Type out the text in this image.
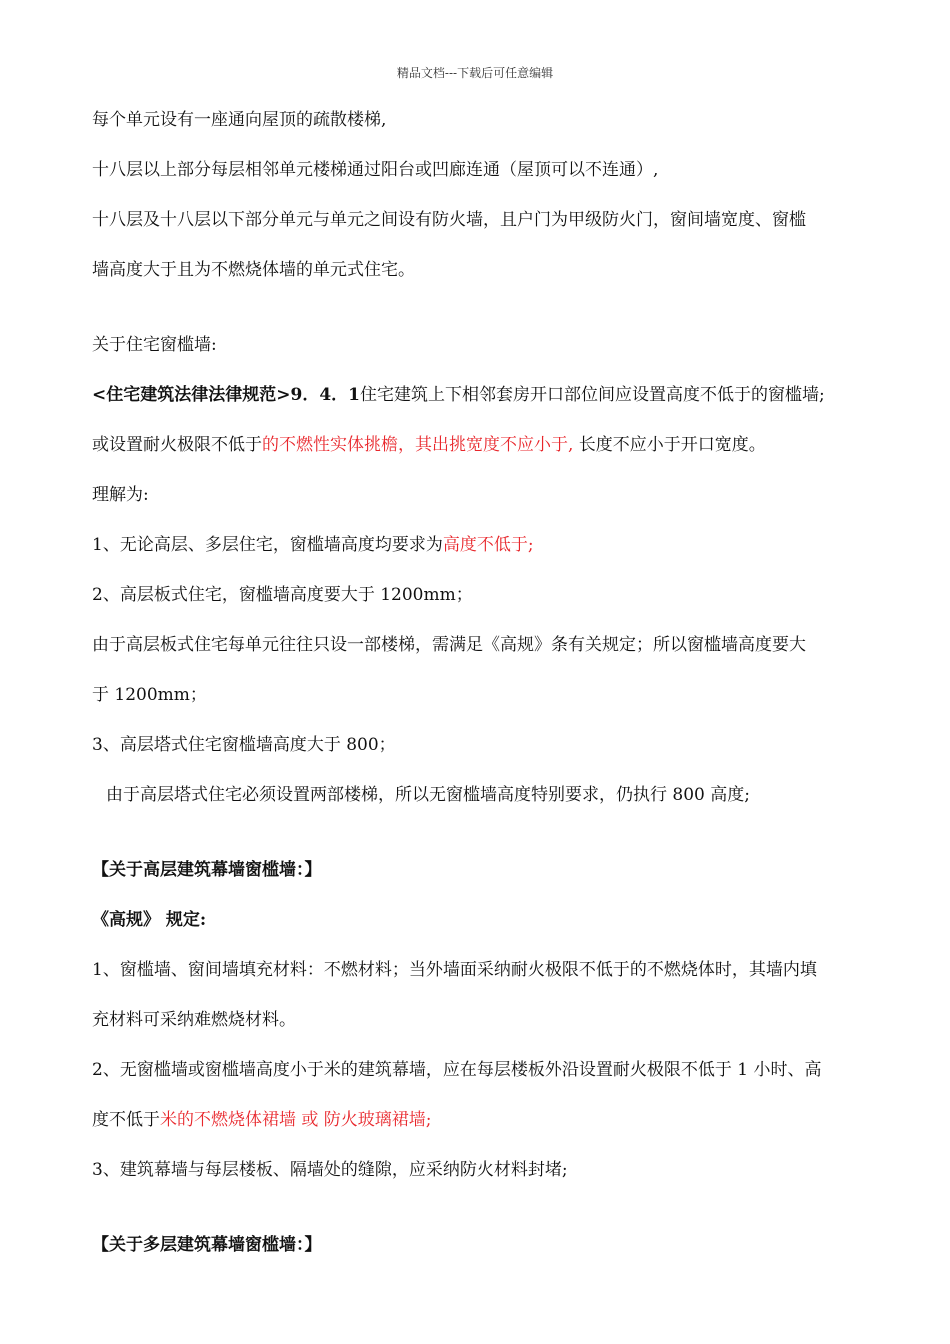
精品文档---下载后可任意编辑
每个单元设有一座通向屋顶的疏散楼梯,
十八层以上部分每层相邻单元楼梯通过阳台或凹廊连通（屋顶可以不连通）,
十八层及十八层以下部分单元与单元之间设有防火墙，且户门为甲级防火门，窗间墙宽度、窗槛
墙高度大于且为不燃烧体墙的单元式住宅。
关于住宅窗槛墙:
<住宅建筑法律法律规范>9．4．1住宅建筑上下相邻套房开口部位间应设置高度不低于的窗槛墙;
或设置耐火极限不低于的不燃性实体挑檐，其出挑宽度不应小于, 长度不应小于开口宽度。
理解为:
1、无论高层、多层住宅，窗槛墙高度均要求为高度不低于;
2、高层板式住宅，窗槛墙高度要大于 1200mm；
由于高层板式住宅每单元往往只设一部楼梯，需满足《高规》条有关规定；所以窗槛墙高度要大
于 1200mm；
3、高层塔式住宅窗槛墙高度大于 800；
由于高层塔式住宅必须设置两部楼梯，所以无窗槛墙高度特别要求，仍执行 800 高度;
【关于高层建筑幕墙窗槛墙：】
《高规》 规定:
1、窗槛墙、窗间墙填充材料：不燃材料；当外墙面采纳耐火极限不低于的不燃烧体时，其墙内填
充材料可采纳难燃烧材料。
2、无窗槛墙或窗槛墙高度小于米的建筑幕墙，应在每层楼板外沿设置耐火极限不低于 1 小时、高
度不低于米的不燃烧体裙墙 或 防火玻璃裙墙;
3、建筑幕墙与每层楼板、隔墙处的缝隙，应采纳防火材料封堵;
【关于多层建筑幕墙窗槛墙：】
